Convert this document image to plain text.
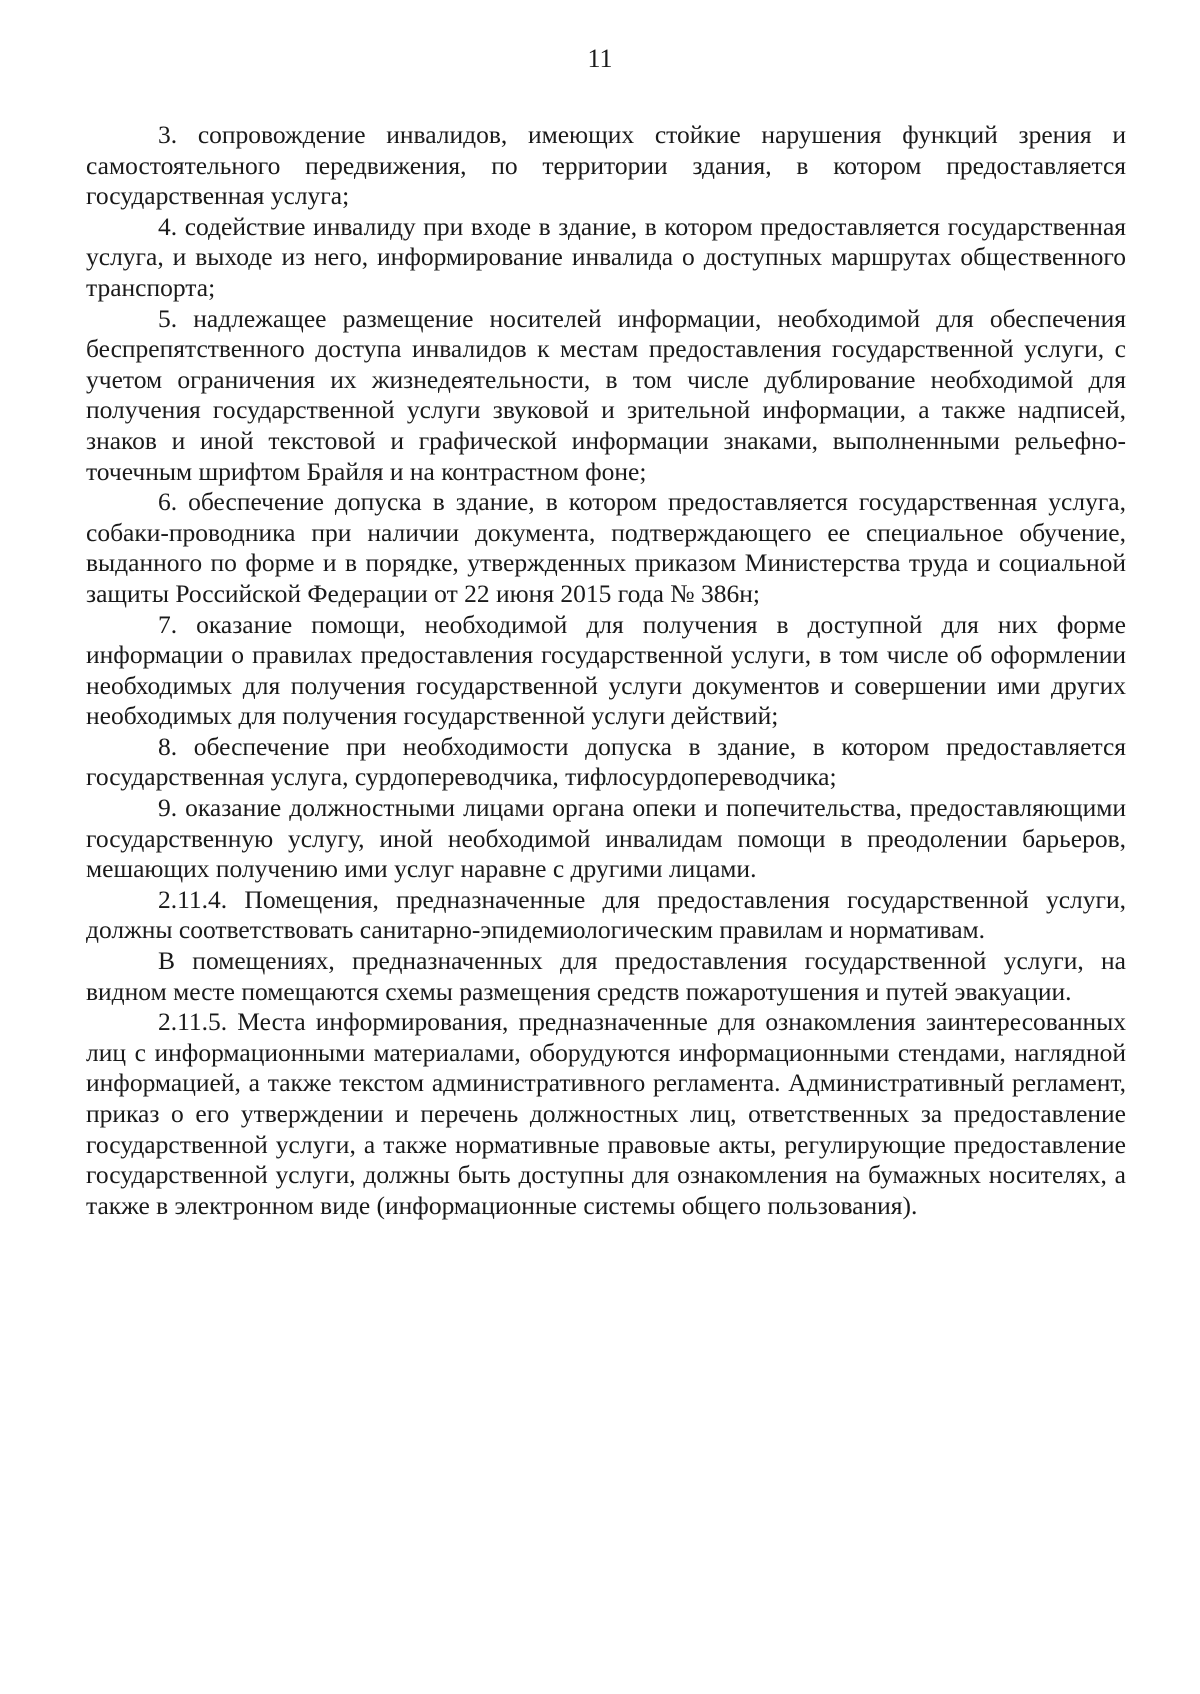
11

3. сопровождение инвалидов, имеющих стойкие нарушения функций зрения и самостоятельного передвижения, по территории здания, в котором предоставляется государственная услуга;

4. содействие инвалиду при входе в здание, в котором предоставляется государственная услуга, и выходе из него, информирование инвалида о доступных маршрутах общественного транспорта;

5. надлежащее размещение носителей информации, необходимой для обеспечения беспрепятственного доступа инвалидов к местам предоставления государственной услуги, с учетом ограничения их жизнедеятельности, в том числе дублирование необходимой для получения государственной услуги звуковой и зрительной информации, а также надписей, знаков и иной текстовой и графической информации знаками, выполненными рельефно-точечным шрифтом Брайля и на контрастном фоне;

6. обеспечение допуска в здание, в котором предоставляется государственная услуга, собаки-проводника при наличии документа, подтверждающего ее специальное обучение, выданного по форме и в порядке, утвержденных приказом Министерства труда и социальной защиты Российской Федерации от 22 июня 2015 года № 386н;

7. оказание помощи, необходимой для получения в доступной для них форме информации о правилах предоставления государственной услуги, в том числе об оформлении необходимых для получения государственной услуги документов и совершении ими других необходимых для получения государственной услуги действий;

8. обеспечение при необходимости допуска в здание, в котором предоставляется государственная услуга, сурдопереводчика, тифлосурдопереводчика;

9. оказание должностными лицами органа опеки и попечительства, предоставляющими государственную услугу, иной необходимой инвалидам помощи в преодолении барьеров, мешающих получению ими услуг наравне с другими лицами.

2.11.4. Помещения, предназначенные для предоставления государственной услуги, должны соответствовать санитарно-эпидемиологическим правилам и нормативам.

В помещениях, предназначенных для предоставления государственной услуги, на видном месте помещаются схемы размещения средств пожаротушения и путей эвакуации.

2.11.5. Места информирования, предназначенные для ознакомления заинтересованных лиц с информационными материалами, оборудуются информационными стендами, наглядной информацией, а также текстом административного регламента. Административный регламент, приказ о его утверждении и перечень должностных лиц, ответственных за предоставление государственной услуги, а также нормативные правовые акты, регулирующие предоставление государственной услуги, должны быть доступны для ознакомления на бумажных носителях, а также в электронном виде (информационные системы общего пользования).
